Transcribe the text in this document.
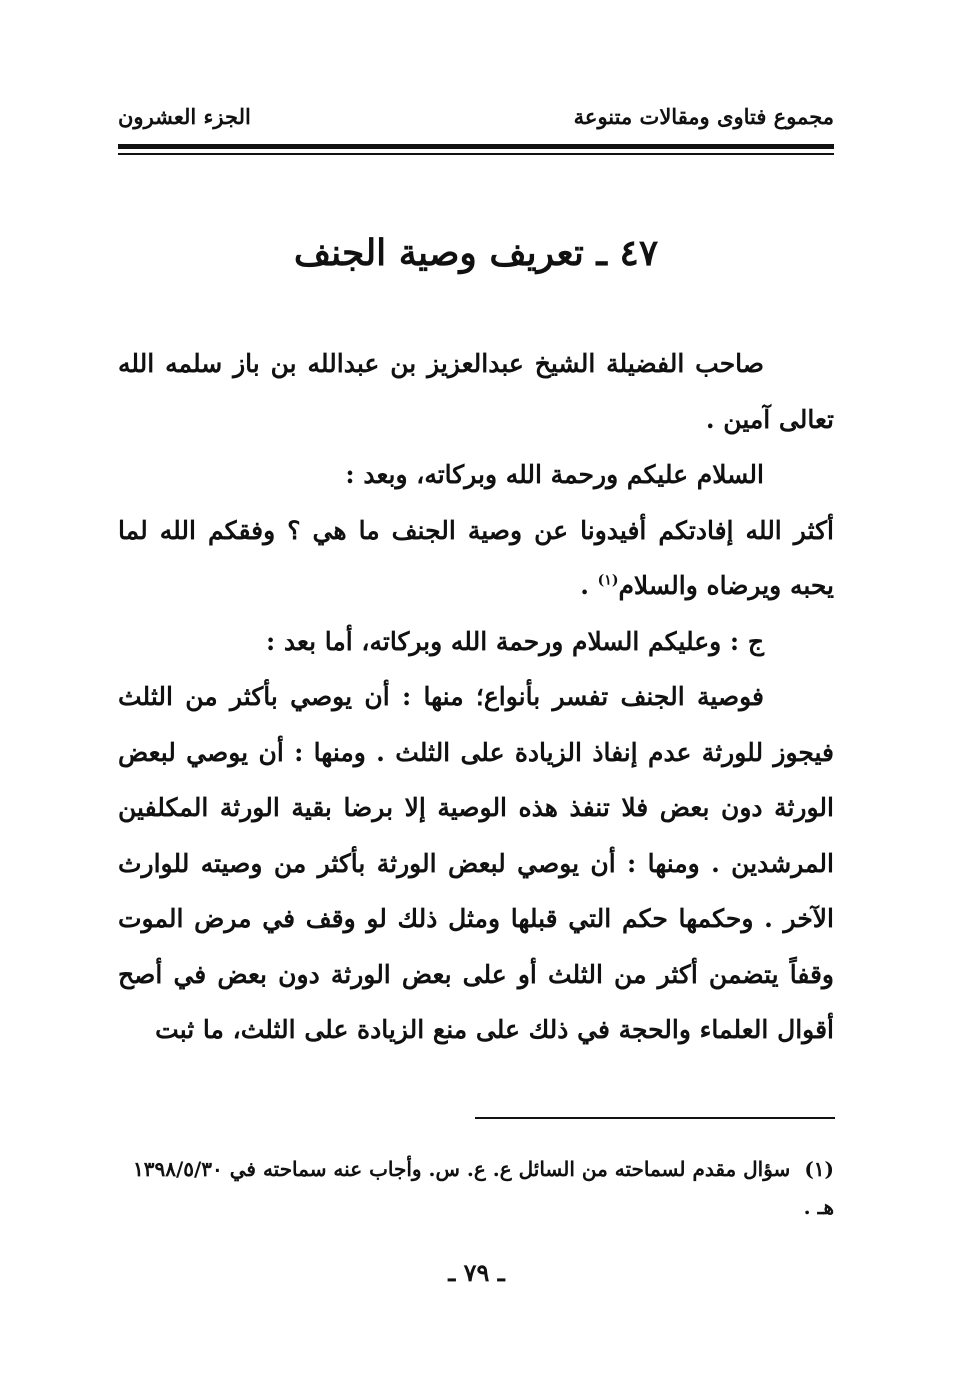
مجموع فتاوى ومقالات متنوعة
الجزء العشرون
٤٧ ـ تعريف وصية الجنف

صاحب الفضيلة الشيخ عبدالعزيز بن عبدالله بن باز سلمه الله تعالى آمين .

السلام عليكم ورحمة الله وبركاته، وبعد :

أكثر الله إفادتكم أفيدونا عن وصية الجنف ما هي ؟ وفقكم الله لما يحبه ويرضاه والسلام$^{(١)}$ .

ج : وعليكم السلام ورحمة الله وبركاته، أما بعد :

فوصية الجنف تفسر بأنواع؛ منها : أن يوصي بأكثر من الثلث فيجوز للورثة عدم إنفاذ الزيادة على الثلث . ومنها : أن يوصي لبعض الورثة دون بعض فلا تنفذ هذه الوصية إلا برضا بقية الورثة المكلفين المرشدين . ومنها : أن يوصي لبعض الورثة بأكثر من وصيته للوارث الآخر . وحكمها حكم التي قبلها ومثل ذلك لو وقف في مرض الموت وقفاً يتضمن أكثر من الثلث أو على بعض الورثة دون بعض في أصح أقوال العلماء والحجة في ذلك على منع الزيادة على الثلث، ما ثبت

(١)سؤال مقدم لسماحته من السائل ع. ع. س. وأجاب عنه سماحته في ١٣٩٨/٥/٣٠ هـ .
ـ ٧٩ ـ
